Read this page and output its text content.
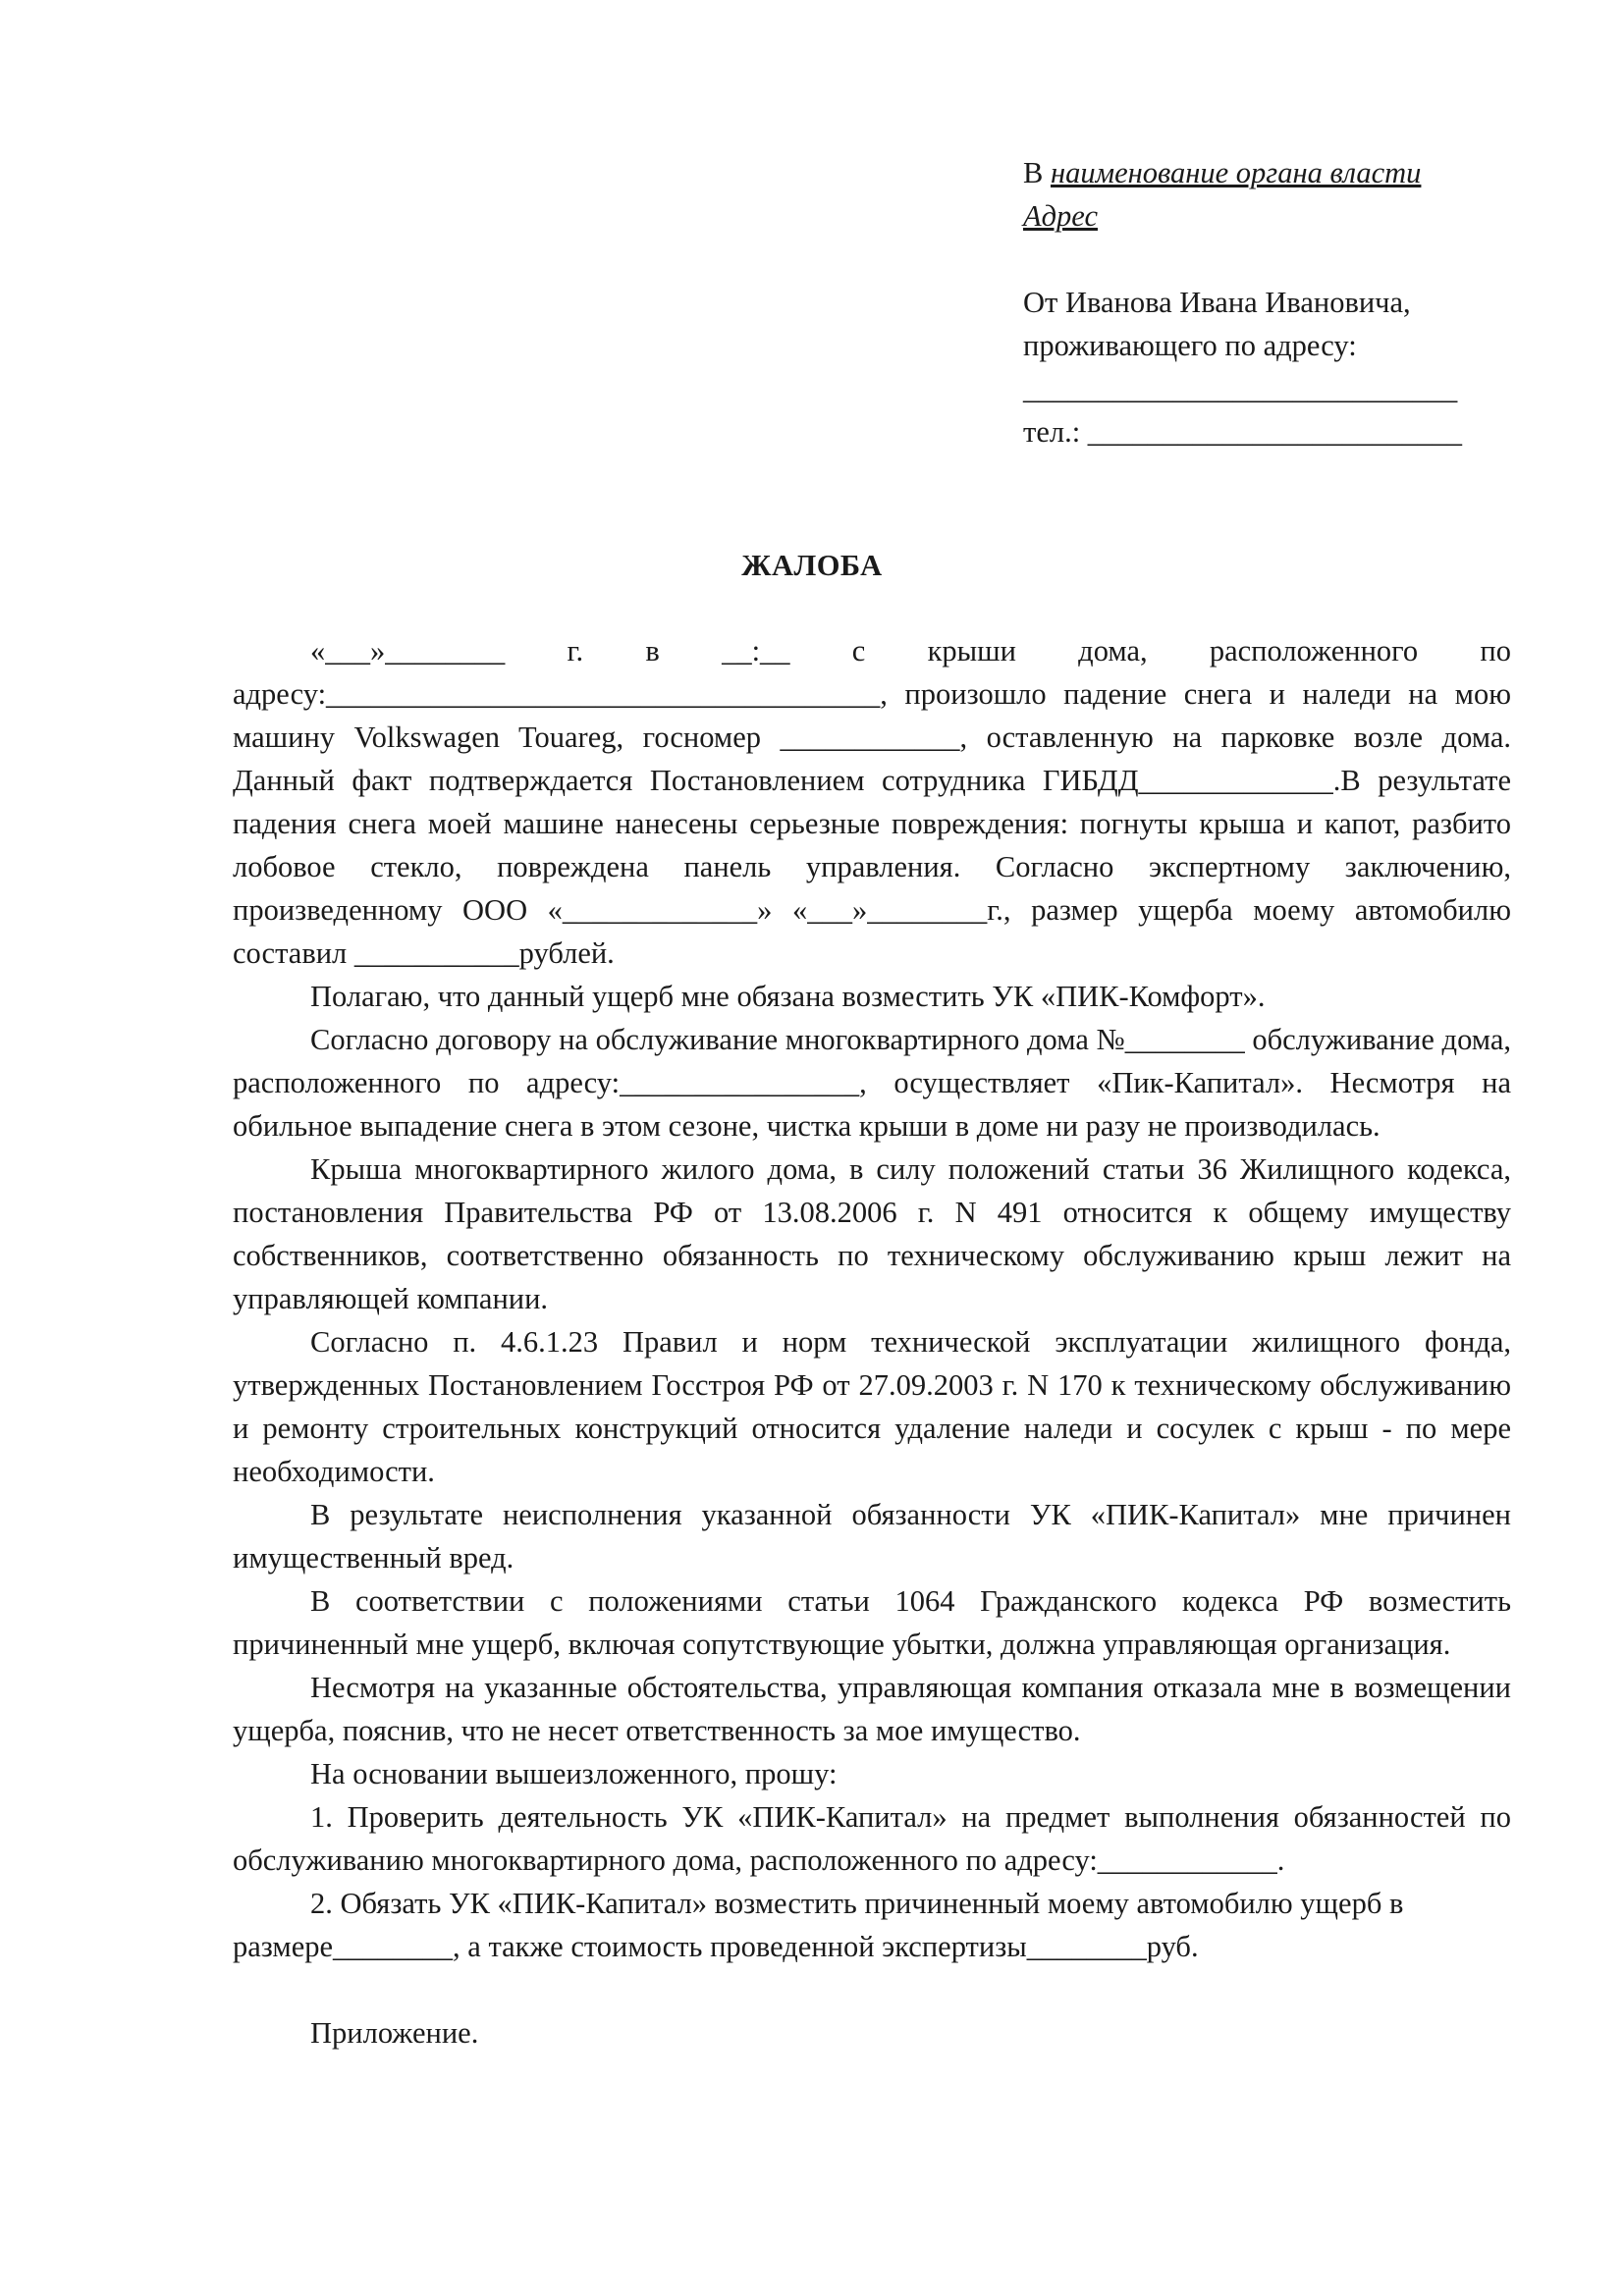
В наименование органа власти
Адрес
От Иванова Ивана Ивановича,
проживающего по адресу:
_____________________________
тел.: _________________________
ЖАЛОБА

«___»________ г. в __:__ с крыши дома, расположенного по адресу:_____________________________________, произошло падение снега и наледи на мою машину Volkswagen Touareg, госномер ____________, оставленную на парковке возле дома. Данный факт подтверждается Постановлением сотрудника ГИБДД_____________.В результате падения снега моей машине нанесены серьезные повреждения: погнуты крыша и капот, разбито лобовое стекло, повреждена панель управления. Согласно экспертному заключению, произведенному ООО «_____________» «___»________г., размер ущерба моему автомобилю составил ___________рублей.

Полагаю, что данный ущерб мне обязана возместить УК «ПИК-Комфорт».

Согласно договору на обслуживание многоквартирного дома №________ обслуживание дома, расположенного по адресу:________________, осуществляет «Пик-Капитал». Несмотря на обильное выпадение снега в этом сезоне, чистка крыши в доме ни разу не производилась.

Крыша многоквартирного жилого дома, в силу положений статьи 36 Жилищного кодекса, постановления Правительства РФ от 13.08.2006 г. N 491 относится к общему имуществу собственников, соответственно обязанность по техническому обслуживанию крыш лежит на управляющей компании.

Согласно п. 4.6.1.23 Правил и норм технической эксплуатации жилищного фонда, утвержденных Постановлением Госстроя РФ от 27.09.2003 г. N 170 к техническому обслуживанию и ремонту строительных конструкций относится удаление наледи и сосулек с крыш - по мере необходимости.

В результате неисполнения указанной обязанности УК «ПИК-Капитал» мне причинен имущественный вред.

В соответствии с положениями статьи 1064 Гражданского кодекса РФ возместить причиненный мне ущерб, включая сопутствующие убытки, должна управляющая организация.

Несмотря на указанные обстоятельства, управляющая компания отказала мне в возмещении ущерба, пояснив, что не несет ответственность за мое имущество.

На основании вышеизложенного, прошу:

1. Проверить деятельность УК «ПИК-Капитал» на предмет выполнения обязанностей по обслуживанию многоквартирного дома, расположенного по адресу:____________.

2. Обязать УК «ПИК-Капитал» возместить причиненный моему автомобилю ущерб в размере________, а также стоимость проведенной экспертизы________руб.

Приложение.
